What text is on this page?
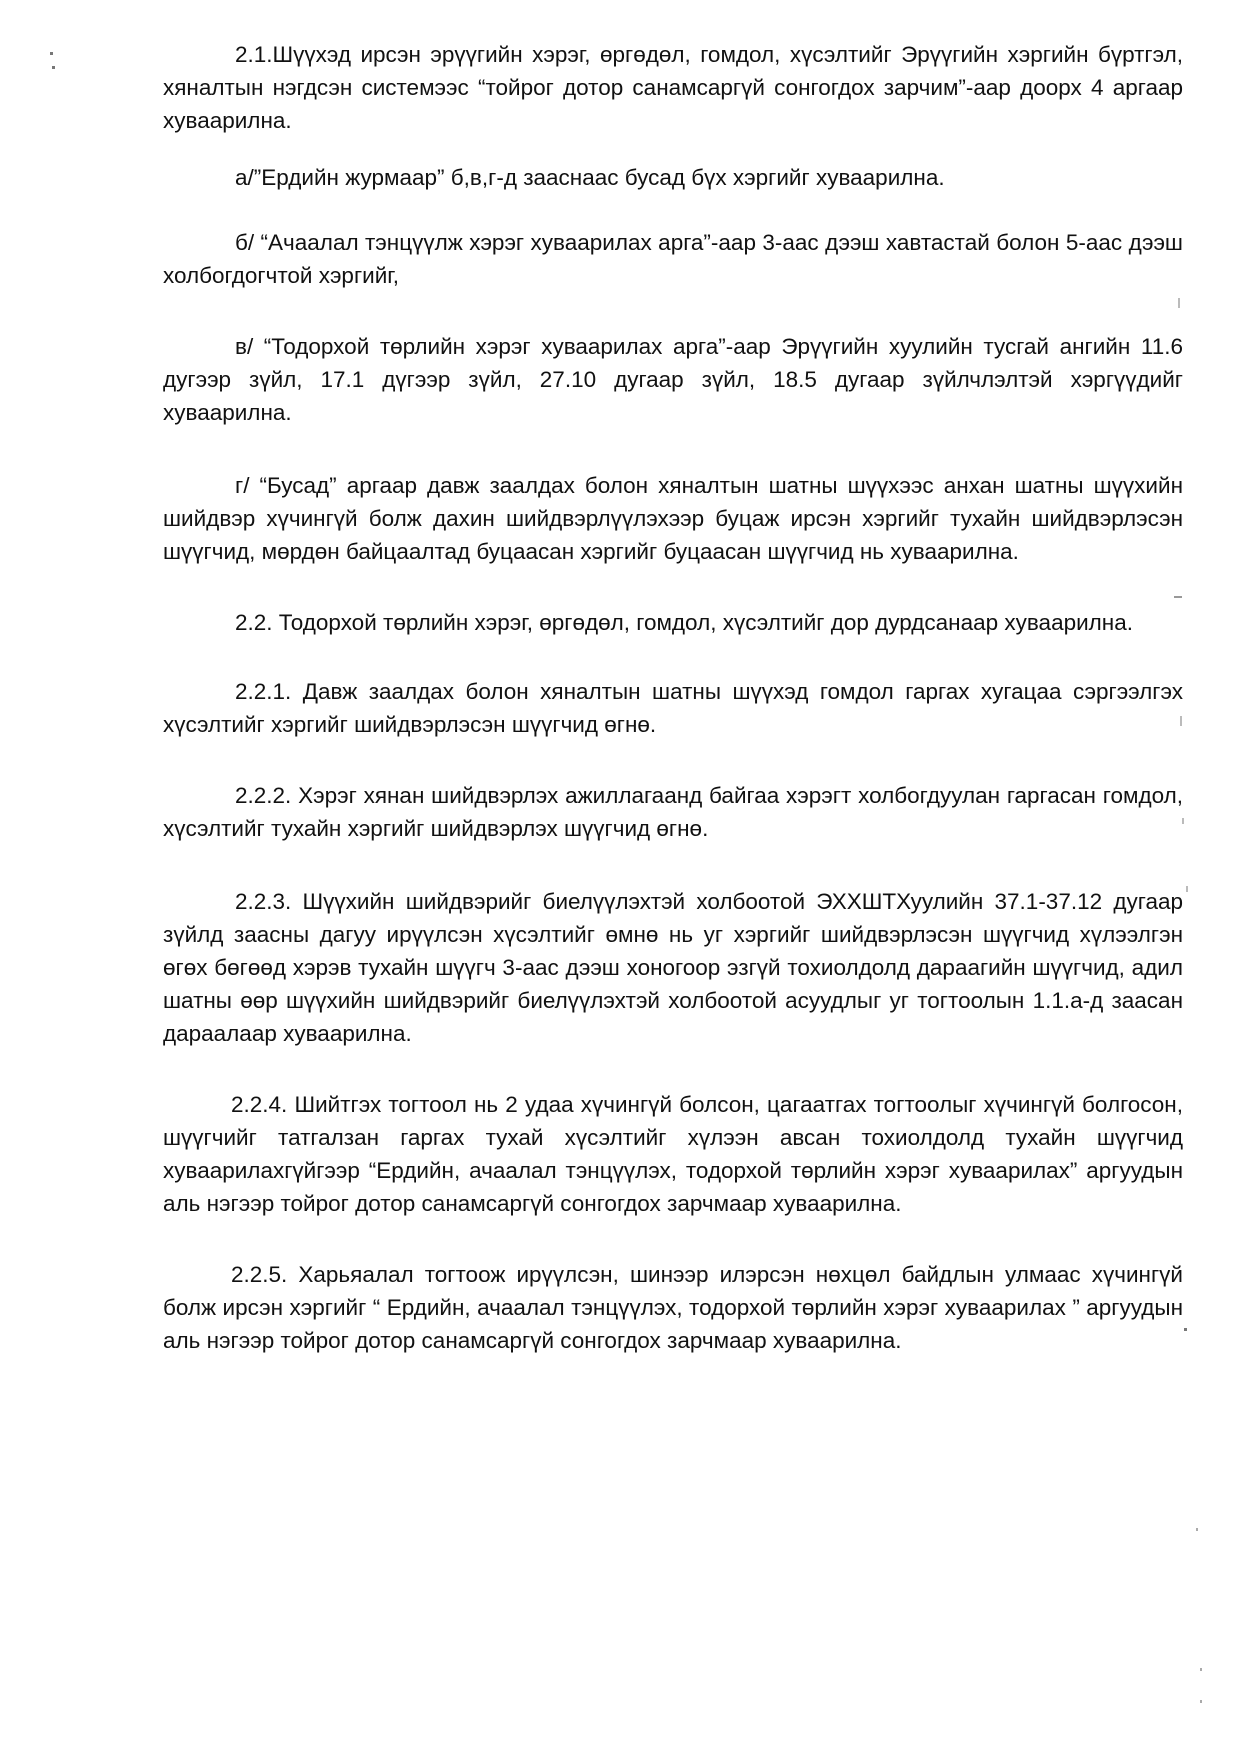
2.1.Шүүхэд ирсэн эрүүгийн хэрэг, өргөдөл, гомдол, хүсэлтийг Эрүүгийн хэргийн бүртгэл, хяналтын нэгдсэн системээс “тойрог дотор санамсаргүй сонгогдох зарчим”-аар доорх 4 аргаар хуваарилна.

а/”Ердийн журмаар” б,в,г-д зааснаас бусад бүх хэргийг хуваарилна.

б/ “Ачаалал тэнцүүлж хэрэг хуваарилах арга”-аар 3-аас дээш хавтастай болон 5-аас дээш холбогдогчтой хэргийг,

в/ “Тодорхой төрлийн хэрэг хуваарилах арга”-аар Эрүүгийн хуулийн тусгай ангийн 11.6 дугээр зүйл, 17.1 дүгээр зүйл, 27.10 дугаар зүйл, 18.5 дугаар зүйлчлэлтэй хэргүүдийг хуваарилна.

г/ “Бусад” аргаар давж заалдах болон хяналтын шатны шүүхээс анхан шатны шүүхийн шийдвэр хүчингүй болж дахин шийдвэрлүүлэхээр буцаж ирсэн хэргийг тухайн шийдвэрлэсэн шүүгчид, мөрдөн байцаалтад буцаасан хэргийг буцаасан шүүгчид нь хуваарилна.

2.2. Тодорхой төрлийн хэрэг, өргөдөл, гомдол, хүсэлтийг дор дурдсанаар хуваарилна.

2.2.1. Давж заалдах болон хяналтын шатны шүүхэд гомдол гаргах хугацаа сэргээлгэх хүсэлтийг хэргийг шийдвэрлэсэн шүүгчид өгнө.

2.2.2. Хэрэг хянан шийдвэрлэх ажиллагаанд байгаа хэрэгт холбогдуулан гаргасан гомдол, хүсэлтийг тухайн хэргийг шийдвэрлэх шүүгчид өгнө.

2.2.3. Шүүхийн шийдвэрийг биелүүлэхтэй холбоотой ЭХХШТХуулийн 37.1-37.12 дугаар зүйлд заасны дагуу ирүүлсэн хүсэлтийг өмнө нь уг хэргийг шийдвэрлэсэн шүүгчид хүлээлгэн өгөх бөгөөд хэрэв тухайн шүүгч 3-аас дээш хоногоор эзгүй тохиолдолд дараагийн шүүгчид, адил шатны өөр шүүхийн шийдвэрийг биелүүлэхтэй холбоотой асуудлыг уг тогтоолын 1.1.а-д заасан дараалаар хуваарилна.

2.2.4. Шийтгэх тогтоол нь 2 удаа хүчингүй болсон, цагаатгах тогтоолыг хүчингүй болгосон, шүүгчийг татгалзан гаргах тухай хүсэлтийг хүлээн авсан тохиолдолд тухайн шүүгчид хуваарилахгүйгээр “Ердийн, ачаалал тэнцүүлэх, тодорхой төрлийн хэрэг хуваарилах” аргуудын аль нэгээр тойрог дотор санамсаргүй сонгогдох зарчмаар хуваарилна.

2.2.5. Харьяалал тогтоож ирүүлсэн, шинээр илэрсэн нөхцөл байдлын улмаас хүчингүй болж ирсэн хэргийг “ Ердийн, ачаалал тэнцүүлэх, тодорхой төрлийн хэрэг хуваарилах ” аргуудын аль нэгээр тойрог дотор санамсаргүй сонгогдох зарчмаар хуваарилна.
